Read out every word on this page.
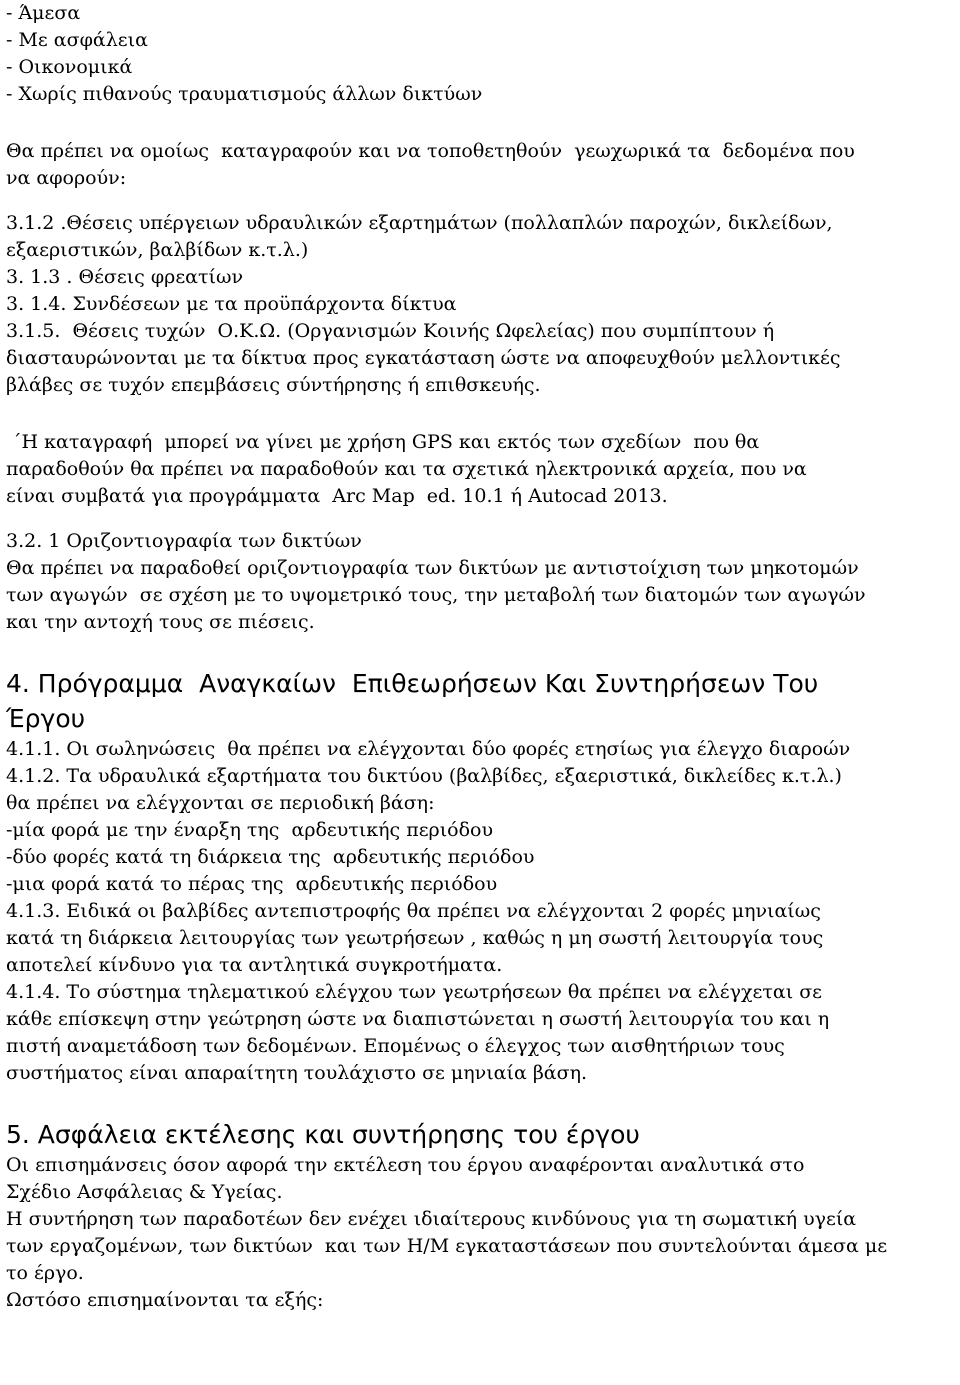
- Άμεσα
- Με ασφάλεια
- Οικονομικά
- Χωρίς πιθανούς τραυματισμούς άλλων δικτύων
Θα πρέπει να ομοίως  καταγραφούν και να τοποθετηθούν  γεωχωρικά τα  δεδομένα που
να αφορούν:
3.1.2 .Θέσεις υπέργειων υδραυλικών εξαρτημάτων (πολλαπλών παροχών, δικλείδων,
εξαεριστικών, βαλβίδων κ.τ.λ.)
3. 1.3 . Θέσεις φρεατίων
3. 1.4. Συνδέσεων με τα προϋπάρχοντα δίκτυα
3.1.5.  Θέσεις τυχών  Ο.Κ.Ω. (Οργανισμών Κοινής Ωφελείας) που συμπίπτουν ή
διασταυρώνονται με τα δίκτυα προς εγκατάσταση ώστε να αποφευχθούν μελλοντικές
βλάβες σε τυχόν επεμβάσεις σύντήρησης ή επιθσκευής.
΄Η καταγραφή  μπορεί να γίνει με χρήση GPS και εκτός των σχεδίων  που θα
παραδοθούν θα πρέπει να παραδοθούν και τα σχετικά ηλεκτρονικά αρχεία, που να
είναι συμβατά για προγράμματα  Arc Map  ed. 10.1 ή Autocad 2013.
3.2. 1 Οριζοντιογραφία των δικτύων
Θα πρέπει να παραδοθεί οριζοντιογραφία των δικτύων με αντιστοίχιση των μηκοτομών
των αγωγών  σε σχέση με το υψομετρικό τους, την μεταβολή των διατομών των αγωγών
και την αντοχή τους σε πιέσεις.
4. Πρόγραμμα  Αναγκαίων  Επιθεωρήσεων Και Συντηρήσεων Του
Έργου
4.1.1. Οι σωληνώσεις  θα πρέπει να ελέγχονται δύο φορές ετησίως για έλεγχο διαροών
4.1.2. Τα υδραυλικά εξαρτήματα του δικτύου (βαλβίδες, εξαεριστικά, δικλείδες κ.τ.λ.)
θα πρέπει να ελέγχονται σε περιοδική βάση:
-μία φορά με την έναρξη της  αρδευτικής περιόδου
-δύο φορές κατά τη διάρκεια της  αρδευτικής περιόδου
-μια φορά κατά το πέρας της  αρδευτικής περιόδου
4.1.3. Ειδικά οι βαλβίδες αντεπιστροφής θα πρέπει να ελέγχονται 2 φορές μηνιαίως
κατά τη διάρκεια λειτουργίας των γεωτρήσεων , καθώς η μη σωστή λειτουργία τους
αποτελεί κίνδυνο για τα αντλητικά συγκροτήματα.
4.1.4. Το σύστημα τηλεματικού ελέγχου των γεωτρήσεων θα πρέπει να ελέγχεται σε
κάθε επίσκεψη στην γεώτρηση ώστε να διαπιστώνεται η σωστή λειτουργία του και η
πιστή αναμετάδοση των δεδομένων. Επομένως ο έλεγχος των αισθητήριων τους
συστήματος είναι απαραίτητη τουλάχιστο σε μηνιαία βάση.
5. Ασφάλεια εκτέλεσης και συντήρησης του έργου
Οι επισημάνσεις όσον αφορά την εκτέλεση του έργου αναφέρονται αναλυτικά στο
Σχέδιο Ασφάλειας & Υγείας.
Η συντήρηση των παραδοτέων δεν ενέχει ιδιαίτερους κινδύνους για τη σωματική υγεία
των εργαζομένων, των δικτύων  και των Η/Μ εγκαταστάσεων που συντελούνται άμεσα με
το έργο.
Ωστόσο επισημαίνονται τα εξής:
